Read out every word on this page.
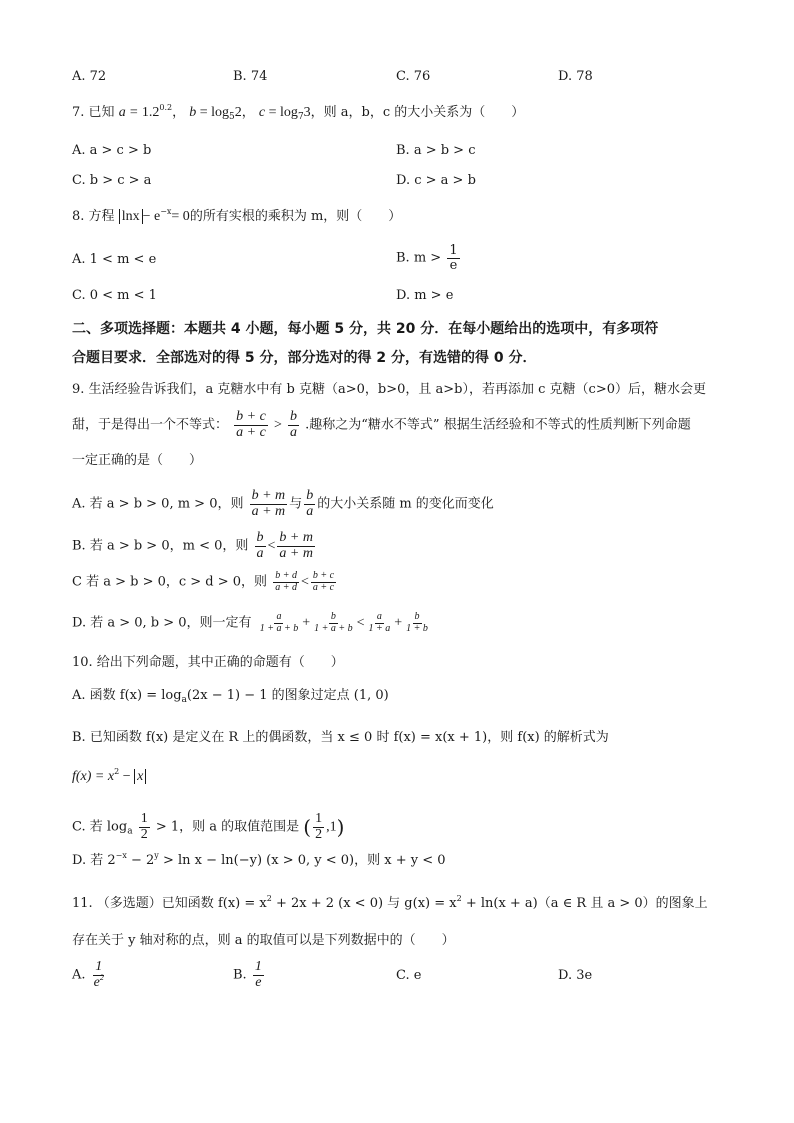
A. 72	B. 74	C. 76	D. 78
7. 已知 $a = 1.2^{0.2}$， $b = \log_52$， $c = \log_73$，则 a，b，c 的大小关系为（　　）
A. a > c > b	B. a > b > c
C. b > c > a	D. c > a > b
8. 方程 $\ln x - e^{-x}= 0$的所有实根的乘积为 m，则（　　）
A. 1 < m < e	B. $m > \frac{1}{e}$
C. 0 < m < 1	D. m > e
二、多项选择题：本题共 4 小题，每小题 5 分，共 20 分．在每小题给出的选项中，有多项符
合题目要求．全部选对的得 5 分，部分选对的得 2 分，有选错的得 0 分．
9. 生活经验告诉我们，a 克糖水中有 b 克糖（a>0，b>0，且 a>b），若再添加 c 克糖（c>0）后，糖水会更
甜，于是得出一个不等式： $\frac{b + c}{a + c} > \frac{b}{a}$ .趣称之为“糖水不等式” 根据生活经验和不等式的性质判断下列命题
一定正确的是（　　）
A. 若 a > b > 0, m > 0，则 $\frac{b + m}{a + m}$ 与 $\frac{b}{a}$ 的大小关系随 m 的变化而变化
B. 若 a > b > 0，m < 0，则 $\frac{b}{a} < \frac{b + m}{a + m}$
C 若 a > b > 0，c > d > 0，则 $\frac{b + d}{a + d} < \frac{b + c}{a + c}$
D. 若 a > 0, b > 0，则一定有 $\frac{a}{1 + a + b} + \frac{b}{1 + a + b} < \frac{a}{1 + a} + \frac{b}{1 + b}$
10. 给出下列命题，其中正确的命题有（　　）
A. 函数 $f(x) = \log_a(2x - 1) - 1$ 的图象过定点 (1, 0)
B. 已知函数 f(x) 是定义在 R 上的偶函数，当 x ≤ 0 时 f(x) = x(x + 1)，则 f(x) 的解析式为
$f(x) = x^2 - x$
C. 若 $\log_a \frac{1}{2} > 1$，则 a 的取值范围是 ( $\frac{1}{2} ,1$)
D. 若 $2^{-x} - 2^y > \ln x - \ln(-y) (x > 0$, y < 0)，则 x + y < 0
11. （多选题）已知函数 $f(x) = x^2 + 2x + 2$ (x < 0) 与 $g(x) = x^2 + \ln(x + a)(a$ ∈ R 且 a > 0）的图象上
存在关于 y 轴对称的点，则 a 的取值可以是下列数据中的（　　）
A. $\frac{1}{e^2}$	B. $\frac{1}{e}$	C. e	D. 3e
